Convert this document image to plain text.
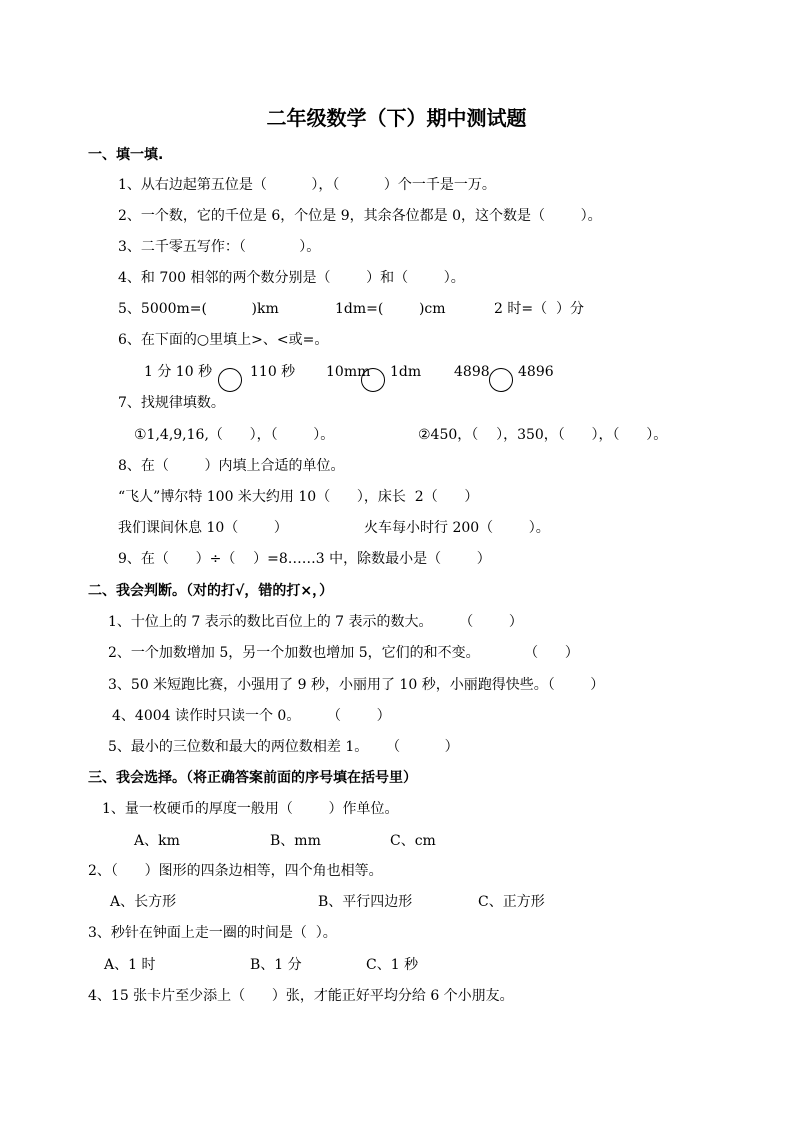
二年级数学（下）期中测试题
一、填一填.
1、从右边起第五位是（          ），（          ）个一千是一万。
2、一个数，它的千位是 6，个位是 9，其余各位都是 0，这个数是（        ）。
3、二千零五写作：（            ）。
4、和 700 相邻的两个数分别是（        ）和（        ）。
5、5000m=(          )km	1dm=(        )cm	2 时=（  ）分
6、在下面的○里填上>、<或=。
1 分 10 秒	110 秒 10mm 1dm 4898 4896
7、找规律填数。
①1,4,9,16,（      ），（        ）。	②450，（    ），350，（      ），（      ）。
8、在（        ）内填上合适的单位。
“飞人”博尔特 100 米大约用 10（      ），床长  2（      ）
我们课间休息 10（        ）	火车每小时行 200（        ）。
9、在（      ）÷（    ）=8……3 中，除数最小是（        ）
二、我会判断。（对的打√，错的打×，）
1、十位上的 7 表示的数比百位上的 7 表示的数大。      （        ）
2、一个加数增加 5，另一个加数也增加 5，它们的和不变。          （      ）
3、50 米短跑比赛，小强用了 9 秒，小丽用了 10 秒，小丽跑得快些。（        ）
4、4004 读作时只读一个 0。      （        ）
5、最小的三位数和最大的两位数相差 1。    （          ）
三、我会选择。（将正确答案前面的序号填在括号里）
1、量一枚硬币的厚度一般用（        ）作单位。
A、km	B、mm	C、cm
2、（      ）图形的四条边相等，四个角也相等。
A、长方形	B、平行四边形	C、正方形
3、秒针在钟面上走一圈的时间是（  ）。
A、1 时	B、1 分	C、1 秒
4、15 张卡片至少添上（      ）张，才能正好平均分给 6 个小朋友。
